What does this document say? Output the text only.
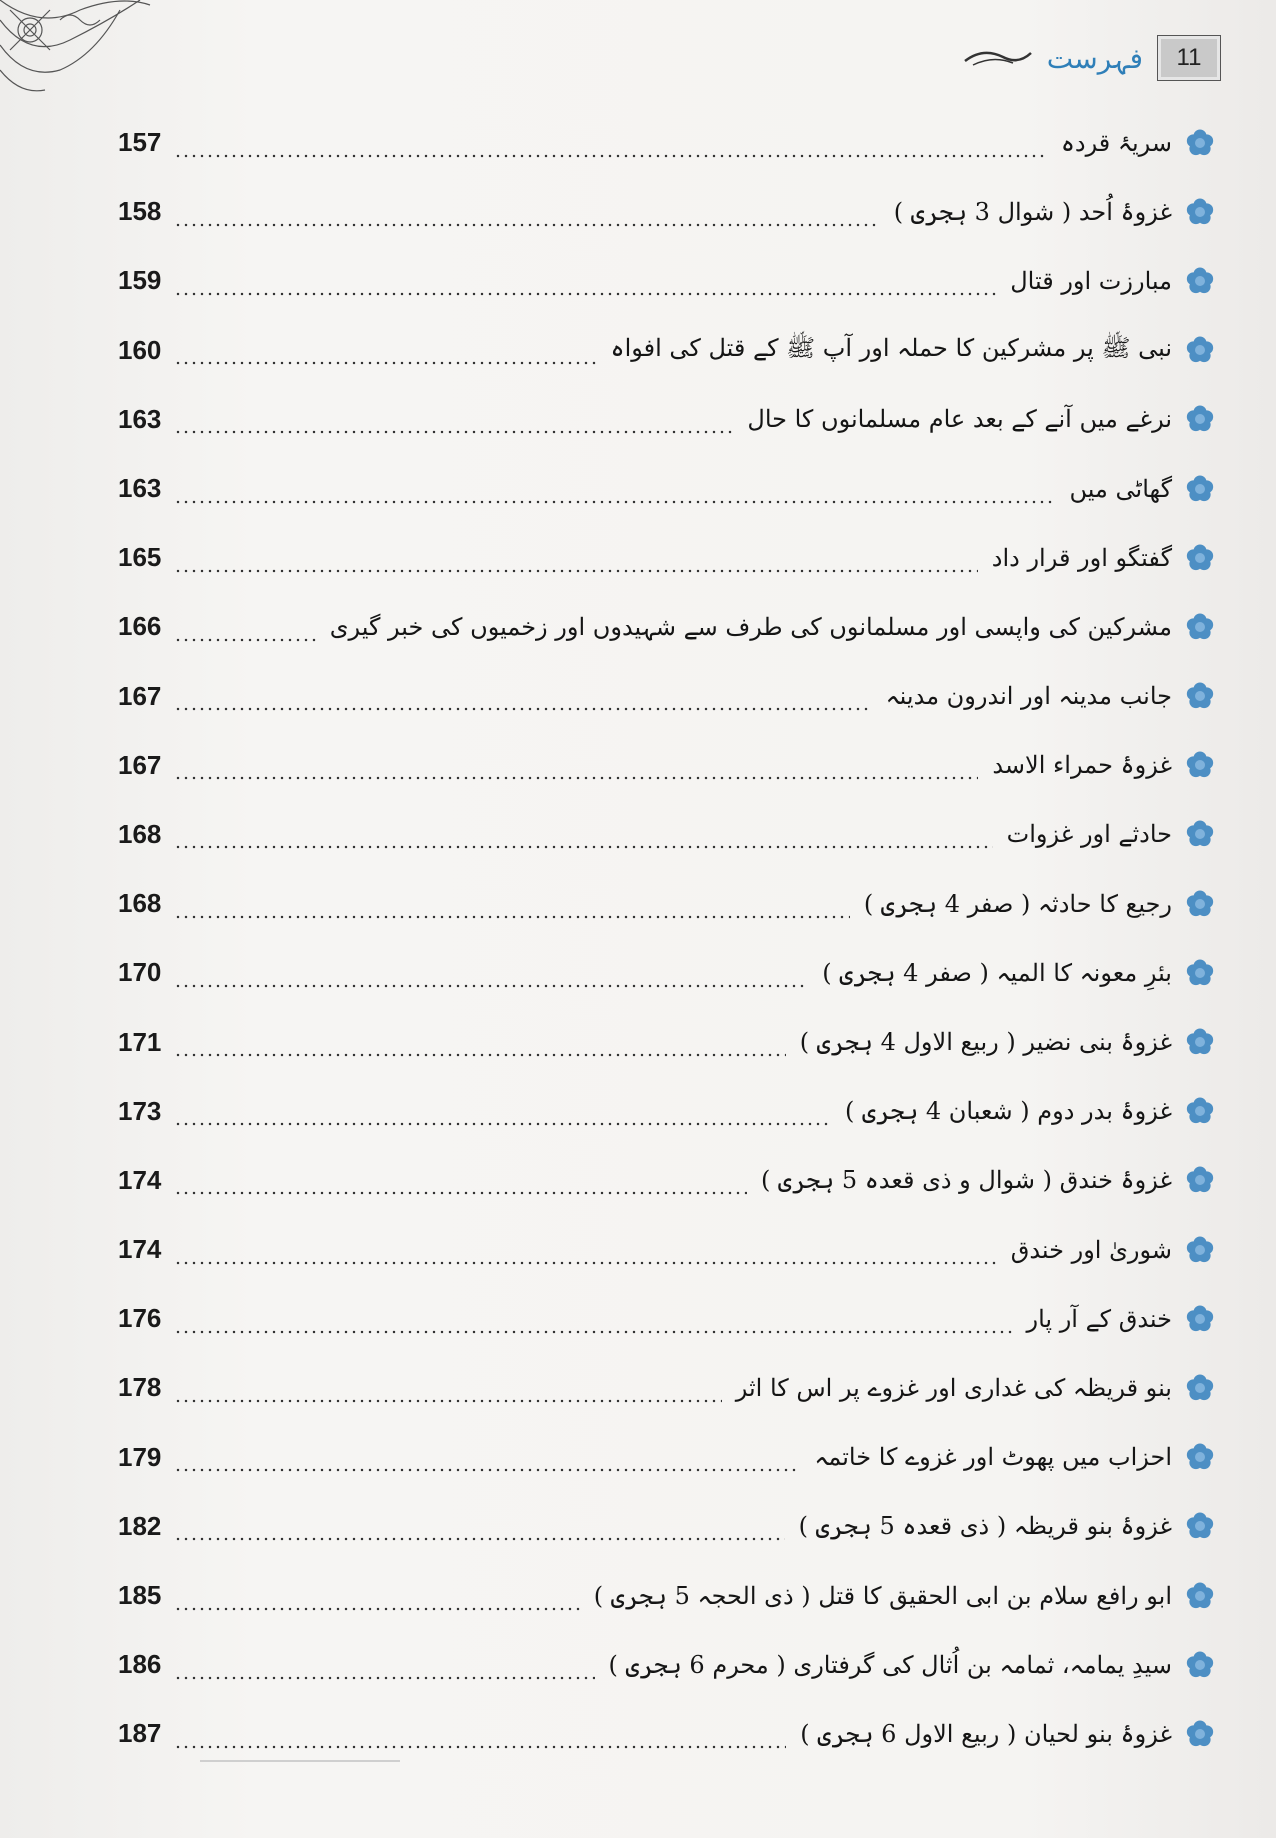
فہرست	11
157	سریۂ قردہ
158	غزوۂ اُحد ( شوال 3 ہجری )
159	مبارزت اور قتال
160	نبی ﷺ پر مشرکین کا حملہ اور آپ ﷺ کے قتل کی افواہ
163	نرغے میں آنے کے بعد عام مسلمانوں کا حال
163	گھاٹی میں
165	گفتگو اور قرار داد
166	مشرکین کی واپسی اور مسلمانوں کی طرف سے شہیدوں اور زخمیوں کی خبر گیری
167	جانب مدینہ اور اندرون مدینہ
167	غزوۂ حمراء الاسد
168	حادثے اور غزوات
168	رجیع کا حادثہ ( صفر 4 ہجری )
170	بئرِ معونہ کا المیہ ( صفر 4 ہجری )
171	غزوۂ بنی نضیر ( ربیع الاول 4 ہجری )
173	غزوۂ بدر دوم ( شعبان 4 ہجری )
174	غزوۂ خندق ( شوال و ذی قعدہ 5 ہجری )
174	شوریٰ اور خندق
176	خندق کے آر پار
178	بنو قریظہ کی غداری اور غزوے پر اس کا اثر
179	احزاب میں پھوٹ اور غزوے کا خاتمہ
182	غزوۂ بنو قریظہ ( ذی قعدہ 5 ہجری )
185	ابو رافع سلام بن ابی الحقیق کا قتل ( ذی الحجہ 5 ہجری )
186	سیدِ یمامہ، ثمامہ بن اُثال کی گرفتاری ( محرم 6 ہجری )
187	غزوۂ بنو لحیان ( ربیع الاول 6 ہجری )
